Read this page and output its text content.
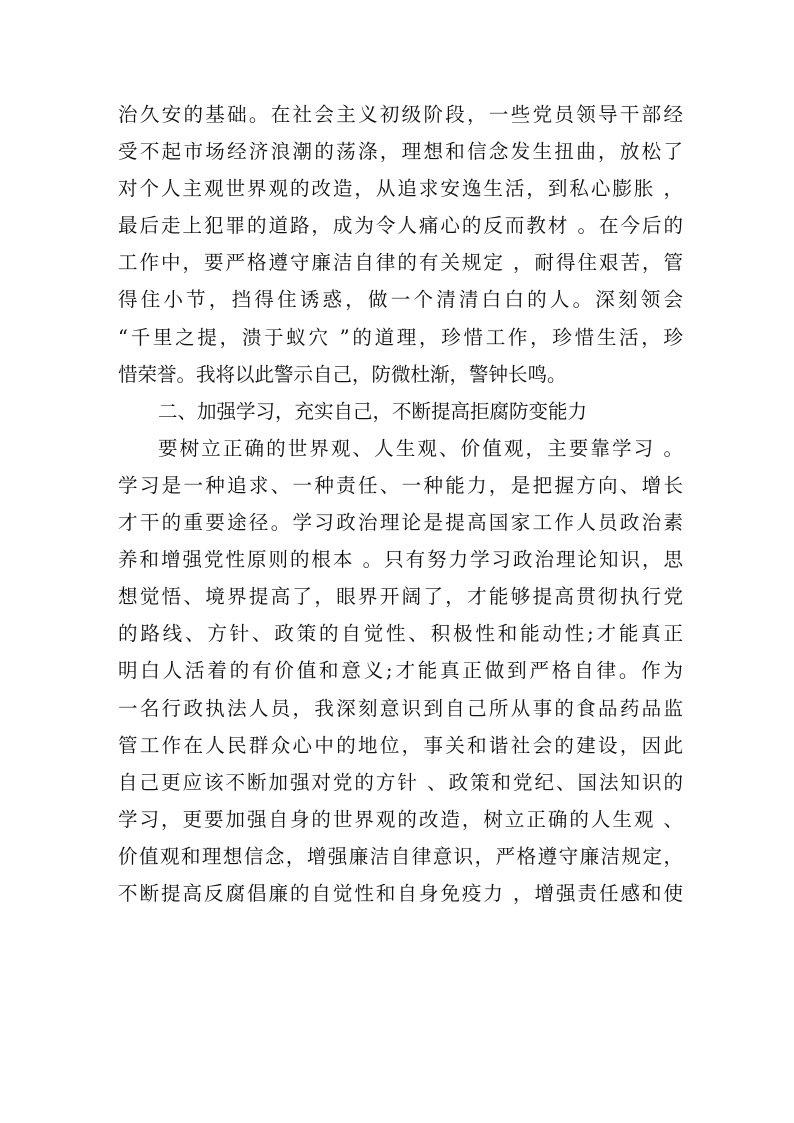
治久安的基础。在社会主义初级阶段，一些党员领导干部经
受不起市场经济浪潮的荡涤，理想和信念发生扭曲，放松了
对个人主观世界观的改造，从追求安逸生活，到私心膨胀 ，
最后走上犯罪的道路，成为令人痛心的反而教材 。在今后的
工作中，要严格遵守廉洁自律的有关规定 ，耐得住艰苦，管
得住小节，挡得住诱惑，做一个清清白白的人。深刻领会
“千里之提，溃于蚁穴 ”的道理，珍惜工作，珍惜生活，珍
惜荣誉。我将以此警示自己，防微杜渐，警钟长鸣。
二、加强学习，充实自己，不断提高拒腐防变能力
要树立正确的世界观、人生观、价值观，主要靠学习 。
学习是一种追求、一种责任、一种能力，是把握方向、增长
才干的重要途径。学习政治理论是提高国家工作人员政治素
养和增强党性原则的根本 。只有努力学习政治理论知识，思
想觉悟、境界提高了，眼界开阔了，才能够提高贯彻执行党
的路线、方针、政策的自觉性、积极性和能动性;才能真正
明白人活着的有价值和意义;才能真正做到严格自律。作为
一名行政执法人员，我深刻意识到自己所从事的食品药品监
管工作在人民群众心中的地位，事关和谐社会的建设，因此
自己更应该不断加强对党的方针 、政策和党纪、国法知识的
学习，更要加强自身的世界观的改造，树立正确的人生观 、
价值观和理想信念，增强廉洁自律意识，严格遵守廉洁规定，
不断提高反腐倡廉的自觉性和自身免疫力 ，增强责任感和使
